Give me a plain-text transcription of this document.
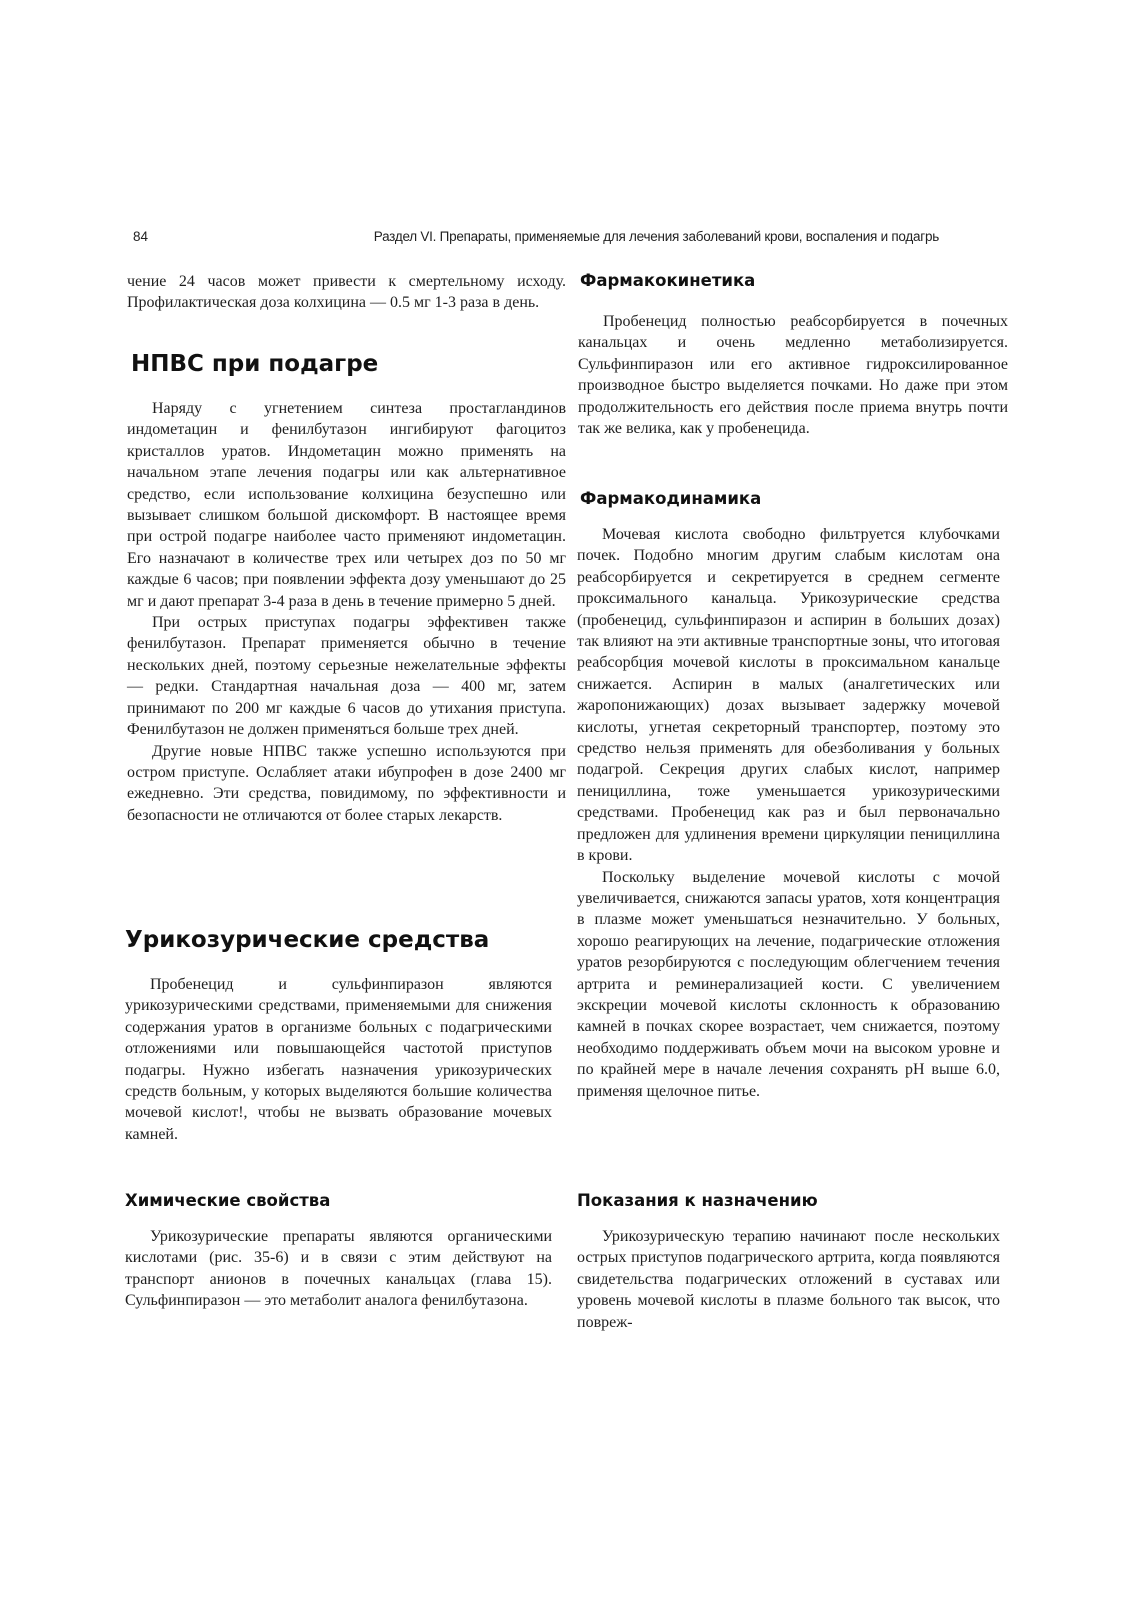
84	Раздел VI. Препараты, применяемые для лечения заболеваний крови, воспаления и подагрь

чение 24 часов может привести к смертельному исходу. Профилактическая доза колхицина — 0.5 мг 1-3 раза в день.

НПВС при подагре

Наряду с угнетением синтеза простагландинов индометацин и фенилбутазон ингибируют фагоцитоз кристаллов уратов. Индометацин можно применять на начальном этапе лечения подагры или как альтернативное средство, если использование колхицина безуспешно или вызывает слишком большой дискомфорт. В настоящее время при острой подагре наиболее часто применяют индометацин. Его назначают в количестве трех или четырех доз по 50 мг каждые 6 часов; при появлении эффекта дозу уменьшают до 25 мг и дают препарат 3-4 раза в день в течение примерно 5 дней.

При острых приступах подагры эффективен также фенилбутазон. Препарат применяется обычно в течение нескольких дней, поэтому серьезные нежелательные эффекты — редки. Стандартная начальная доза — 400 мг, затем принимают по 200 мг каждые 6 часов до утихания приступа. Фенилбутазон не должен применяться больше трех дней.

Другие новые НПВС также успешно используются при остром приступе. Ослабляет атаки ибупрофен в дозе 2400 мг ежедневно. Эти средства, повидимому, по эффективности и безопасности не отличаются от более старых лекарств.

Урикозурические средства

Пробенецид и сульфинпиразон являются урикозурическими средствами, применяемыми для снижения содержания уратов в организме больных с подагрическими отложениями или повышающейся частотой приступов подагры. Нужно избегать назначения урикозурических средств больным, у которых выделяются большие количества мочевой кислот!, чтобы не вызвать образование мочевых камней.

Химические свойства

Урикозурические препараты являются органическими кислотами (рис. 35-6) и в связи с этим действуют на транспорт анионов в почечных канальцах (глава 15). Сульфинпиразон — это метаболит аналога фенилбутазона.

Фармакокинетика

Пробенецид полностью реабсорбируется в почечных канальцах и очень медленно метаболизируется. Сульфинпиразон или его активное гидроксилированное производное быстро выделяется почками. Но даже при этом продолжительность его действия после приема внутрь почти так же велика, как у пробенецида.

Фармакодинамика

Мочевая кислота свободно фильтруется клубочками почек. Подобно многим другим слабым кислотам она реабсорбируется и секретируется в среднем сегменте проксимального канальца. Урикозурические средства (пробенецид, сульфинпиразон и аспирин в больших дозах) так влияют на эти активные транспортные зоны, что итоговая реабсорбция мочевой кислоты в проксимальном канальце снижается. Аспирин в малых (аналгетических или жаропонижающих) дозах вызывает задержку мочевой кислоты, угнетая секреторный транспортер, поэтому это средство нельзя применять для обезболивания у больных подагрой. Секреция других слабых кислот, например пенициллина, тоже уменьшается урикозурическими средствами. Пробенецид как раз и был первоначально предложен для удлинения времени циркуляции пенициллина в крови.

Поскольку выделение мочевой кислоты с мочой увеличивается, снижаются запасы уратов, хотя концентрация в плазме может уменьшаться незначительно. У больных, хорошо реагирующих на лечение, подагрические отложения уратов резорбируются с последующим облегчением течения артрита и реминерализацией кости. С увеличением экскреции мочевой кислоты склонность к образованию камней в почках скорее возрастает, чем снижается, поэтому необходимо поддерживать объем мочи на высоком уровне и по крайней мере в начале лечения сохранять pH выше 6.0, применяя щелочное питье.

Показания к назначению

Урикозурическую терапию начинают после нескольких острых приступов подагрического артрита, когда появляются свидетельства подагрических отложений в суставах или уровень мочевой кислоты в плазме больного так высок, что повреж-
